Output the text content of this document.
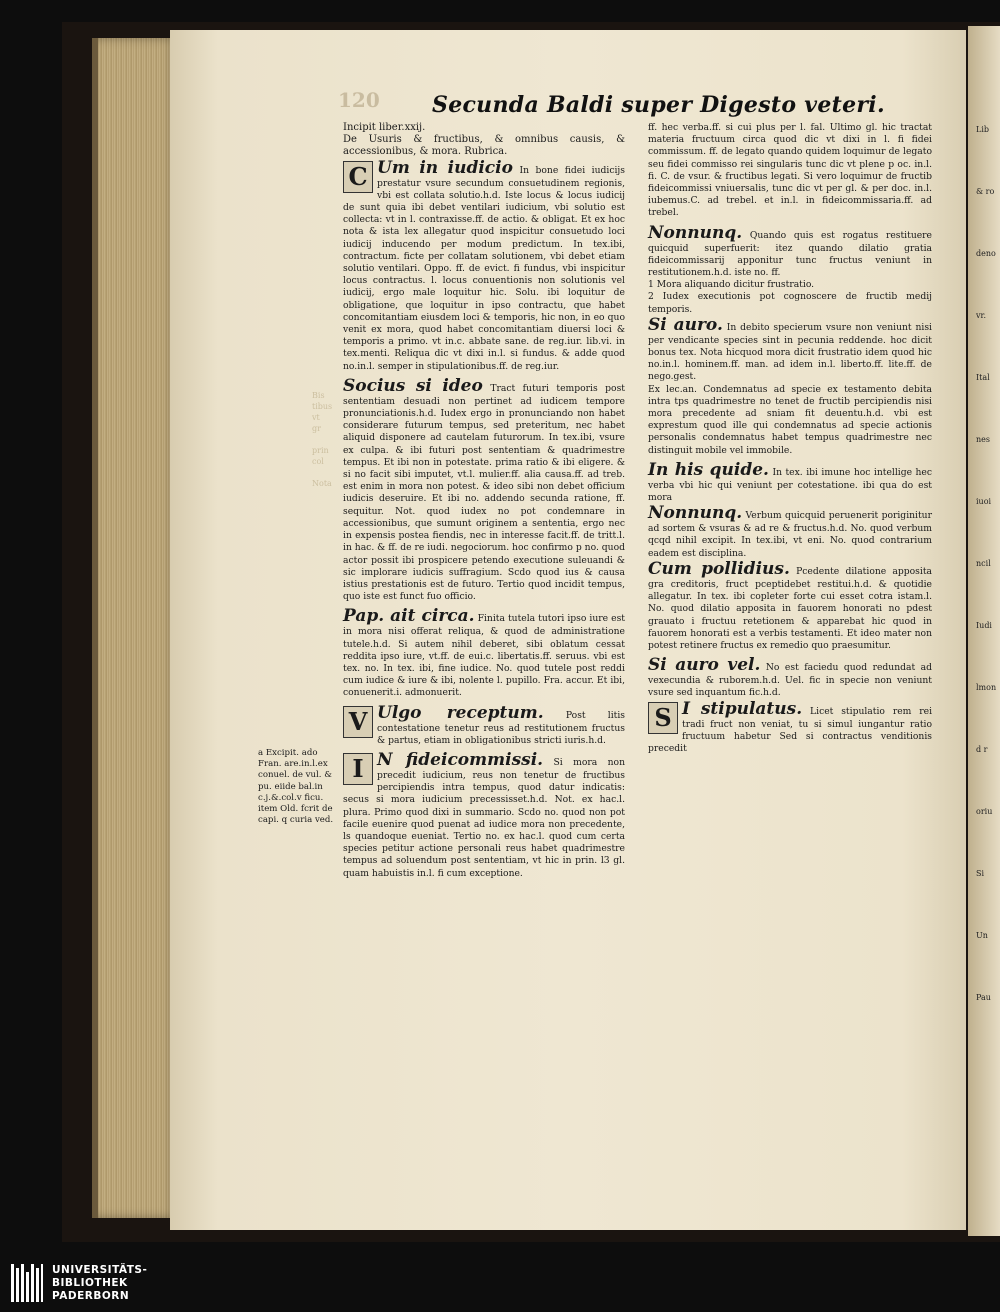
Lib
& ro
deno
vr.
Ital
nes
iuoi
ncil
Iudi
lmon
d r
oriu
Si
Un
Pau
120 Secunda Baldi super Digesto veteri.
Bis
tibus
vt
gr

prin
col

Nota

Incipit liber.xxij.

De Usuris & fructibus, & omnibus causis, & accessionibus, & mora. Rubrica.

C Um in iudicio In bone fidei iudicijs prestatur vsure secundum consuetudinem regionis, vbi est collata solutio.h.d. Iste locus & locus iudicij de sunt quia ibi debet ventilari iudicium, vbi solutio est collecta: vt in l. contraxisse.ff. de actio. & obligat. Et ex hoc nota & ista lex allegatur quod inspicitur consuetudo loci iudicij inducendo per modum predictum. In tex.ibi, contractum. ficte per collatam solutionem, vbi debet etiam solutio ventilari. Oppo. ff. de evict. fi fundus, vbi inspicitur locus contractus. l. locus conuentionis non solutionis vel iudicij, ergo male loquitur hic. Solu. ibi loquitur de obligatione, que loquitur in ipso contractu, que habet concomitantiam eiusdem loci & temporis, hic non, in eo quo venit ex mora, quod habet concomitantiam diuersi loci & temporis a primo. vt in.c. abbate sane. de reg.iur. lib.vi. in tex.menti. Reliqua dic vt dixi in.l. si fundus. & adde quod no.in.l. semper in stipulationibus.ff. de reg.iur.

Socius si ideo Tract futuri temporis post sententiam desuadi non pertinet ad iudicem tempore pronunciationis.h.d. Iudex ergo in pronunciando non habet considerare futurum tempus, sed preteritum, nec habet aliquid disponere ad cautelam futurorum. In tex.ibi, vsure ex culpa. & ibi futuri post sententiam & quadrimestre tempus. Et ibi non in potestate. prima ratio & ibi eligere. & si no facit sibi imputet, vt.l. mulier.ff. alia causa.ff. ad treb. est enim in mora non potest. & ideo sibi non debet officium iudicis deseruire. Et ibi no. addendo secunda ratione, ff. sequitur. Not. quod iudex no pot condemnare in accessionibus, que sumunt originem a sententia, ergo nec in expensis postea fiendis, nec in interesse facit.ff. de tritt.l. in hac. & ff. de re iudi. negociorum. hoc confirmo p no. quod actor possit ibi prospicere petendo executione suleuandi & sic implorare iudicis suffragium. Scdo quod ius & causa istius prestationis est de futuro. Tertio quod incidit tempus, quo iste est funct fuo officio.

Pap. ait circa. Finita tutela tutori ipso iure est in mora nisi offerat reliqua, & quod de administratione tutele.h.d. Si autem nihil deberet, sibi oblatum cessat reddita ipso iure, vt.ff. de eui.c. libertatis.ff. seruus. vbi est tex. no. In tex. ibi, fine iudice. No. quod tutele post reddi cum iudice & iure & ibi, nolente l. pupillo. Fra. accur. Et ibi, conuenerit.i. admonuerit.

V Ulgo receptum. Post litis contestatione tenetur reus ad restitutionem fructus & partus, etiam in obligationibus stricti iuris.h.d.

I N fideicommissi. Si mora non precedit iudicium, reus non tenetur de fructibus percipiendis intra tempus, quod datur indicatis: secus si mora iudicium precessisset.h.d. Not. ex hac.l. plura. Primo quod dixi in summario. Scdo no. quod non pot facile euenire quod puenat ad iudice mora non precedente, ls quandoque eueniat. Tertio no. ex hac.l. quod cum certa species petitur actione personali reus habet quadrimestre tempus ad soluendum post sententiam, vt hic in prin. l3 gl. quam habuistis in.l. fi cum exceptione.

a Excipit. ado Fran. are.in.l.ex conuel. de vul. & pu. eiide bal.in c.j.&.col.v ficu. item Old. fcrit de capi. q curia ved.

ff. hec verba.ff. si cui plus per l. fal. Ultimo gl. hic tractat materia fructuum circa quod dic vt dixi in l. fi fidei commissum. ff. de legato quando quidem loquimur de legato seu fidei commisso rei singularis tunc dic vt plene p oc. in.l. fi. C. de vsur. & fructibus legati. Si vero loquimur de fructib fideicommissi vniuersalis, tunc dic vt per gl. & per doc. in.l. iubemus.C. ad trebel. et in.l. in fideicommissaria.ff. ad trebel.

Nonnunq. Quando quis est rogatus restituere quicquid superfuerit: itez quando dilatio gratia fideicommissarij apponitur tunc fructus veniunt in restitutionem.h.d. iste no. ff.

1 Mora aliquando dicitur frustratio.

2 Iudex executionis pot cognoscere de fructib medij temporis.

Si auro. In debito specierum vsure non veniunt nisi per vendicante species sint in pecunia reddende. hoc dicit bonus tex. Nota hicquod mora dicit frustratio idem quod hic no.in.l. hominem.ff. man. ad idem in.l. liberto.ff. lite.ff. de nego.gest.

Ex lec.an. Condemnatus ad specie ex testamento debita intra tps quadrimestre no tenet de fructib percipiendis nisi mora precedente ad sniam fit deuentu.h.d. vbi est exprestum quod ille qui condemnatus ad specie actionis personalis condemnatus habet tempus quadrimestre nec distinguit mobile vel immobile.

In his quide. In tex. ibi imune hoc intellige hec verba vbi hic qui veniunt per cotestatione. ibi qua do est mora

Nonnunq. Verbum quicquid peruenerit poriginitur ad sortem & vsuras & ad re & fructus.h.d. No. quod verbum qcqd nihil excipit. In tex.ibi, vt eni. No. quod contrarium eadem est disciplina.

Cum pollidius. Pcedente dilatione apposita gra creditoris, fruct pceptidebet restitui.h.d. & quotidie allegatur. In tex. ibi copleter forte cui esset cotra istam.l. No. quod dilatio apposita in fauorem honorati no pdest grauato i fructuu retetionem & apparebat hic quod in fauorem honorati est a verbis testamenti. Et ideo mater non potest retinere fructus ex remedio quo praesumitur.

Si auro vel. No est faciedu quod redundat ad vexecundia & ruborem.h.d. Uel. fic in specie non veniunt vsure sed inquantum fic.h.d.

S I stipulatus. Licet stipulatio rem rei tradi fruct non veniat, tu si simul iungantur ratio fructuum habetur Sed si contractus venditionis precedit

UNIVERSITÄTS-
BIBLIOTHEK
PADERBORN
